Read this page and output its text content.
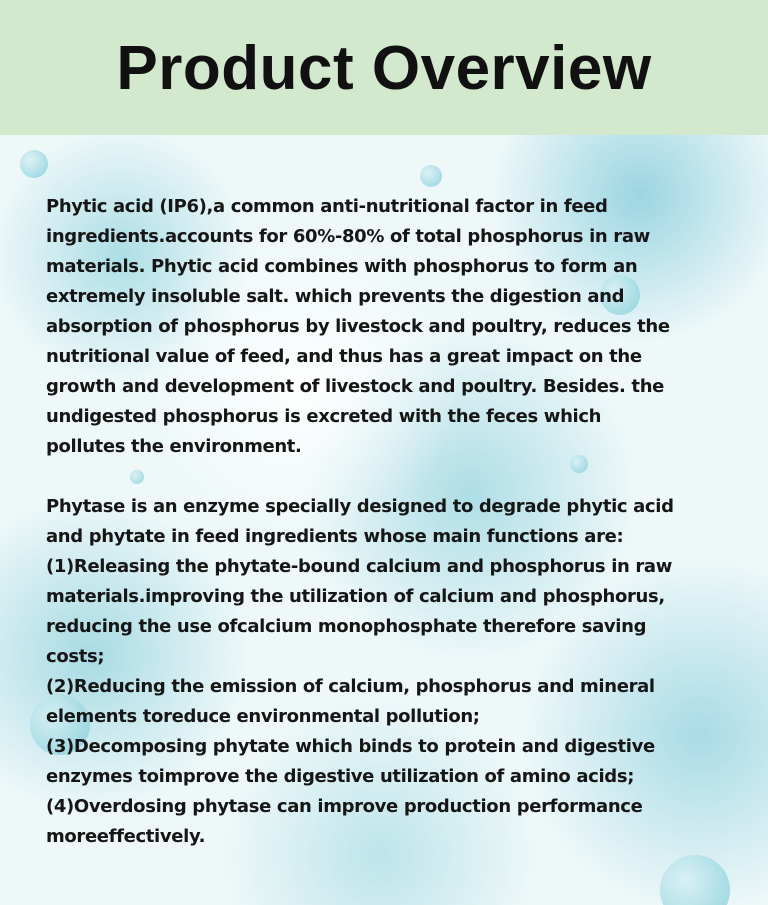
Product Overview
Phytic acid (IP6),a common anti-nutritional factor in feed
ingredients.accounts for 60%-80% of total phosphorus in raw
materials. Phytic acid combines with phosphorus to form an
extremely insoluble salt. which prevents the digestion and
absorption of phosphorus by livestock and poultry, reduces the
nutritional value of feed, and thus has a great impact on the
growth and development of livestock and poultry. Besides. the
undigested phosphorus is excreted with the feces which
pollutes the environment.
Phytase is an enzyme specially designed to degrade phytic acid
and phytate in feed ingredients whose main functions are:
(1)Releasing the phytate-bound calcium and phosphorus in raw
materials.improving the utilization of calcium and phosphorus,
reducing the use ofcalcium monophosphate therefore saving
costs;
(2)Reducing the emission of calcium, phosphorus and mineral
elements toreduce environmental pollution;
(3)Decomposing phytate which binds to protein and digestive
enzymes toimprove the digestive utilization of amino acids;
(4)Overdosing phytase can improve production performance
moreeffectively.
